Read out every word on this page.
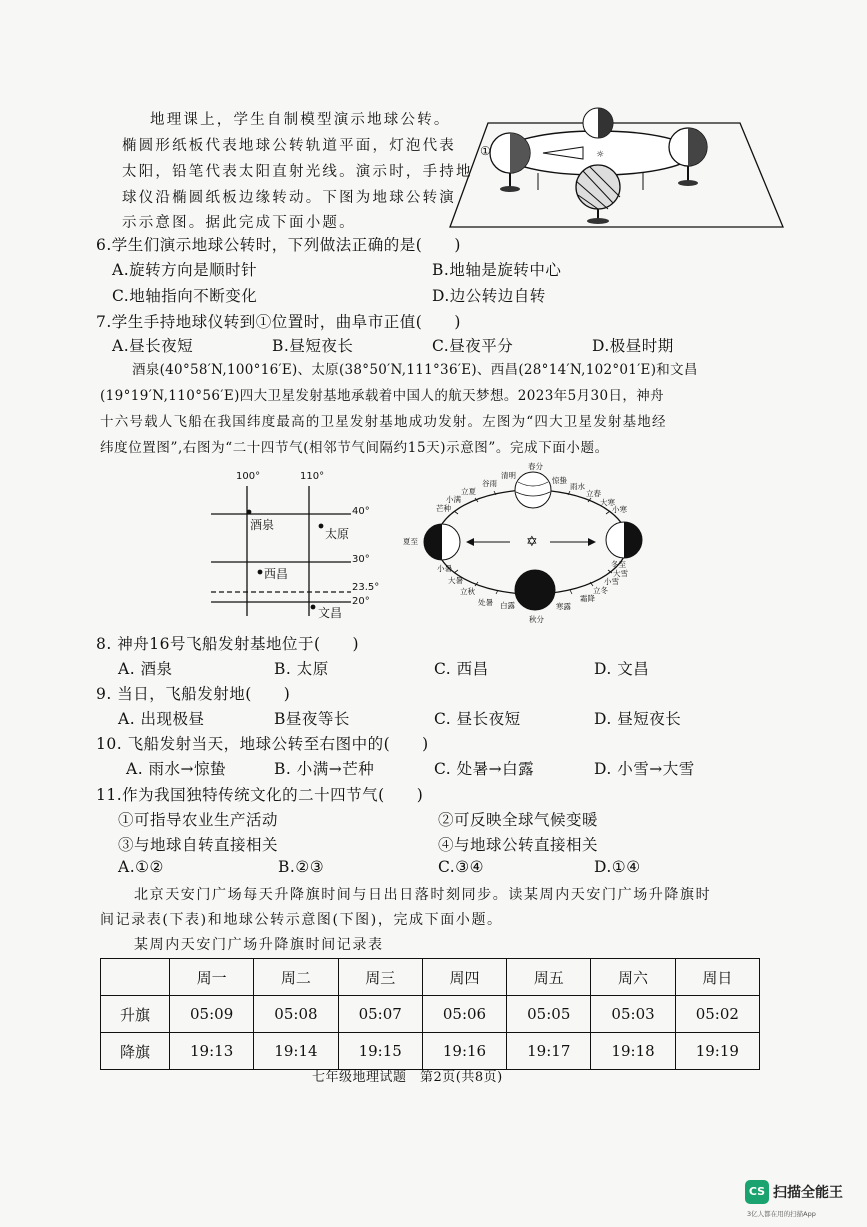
地理课上，学生自制模型演示地球公转。
椭圆形纸板代表地球公转轨道平面，灯泡代表
太阳，铅笔代表太阳直射光线。演示时，手持地
球仪沿椭圆纸板边缘转动。下图为地球公转演
示示意图。据此完成下面小题。
☼
①
6.学生们演示地球公转时，下列做法正确的是(　　)
A.旋转方向是顺时针	B.地轴是旋转中心
C.地轴指向不断变化	D.边公转边自转
7.学生手持地球仪转到①位置时，曲阜市正值(　　)
A.昼长夜短	B.昼短夜长	C.昼夜平分	D.极昼时期
酒泉(40°58′N,100°16′E)、太原(38°50′N,111°36′E)、西昌(28°14′N,102°01′E)和文昌
(19°19′N,110°56′E)四大卫星发射基地承载着中国人的航天梦想。2023年5月30日，神舟
十六号载人飞船在我国纬度最高的卫星发射基地成功发射。左图为“四大卫星发射基地经
纬度位置图”,右图为“二十四节气(相邻节气间隔约15天)示意图”。完成下面小题。
100°	110°
40°
30°
23.5°
20°
酒泉
太原
西昌
文昌
✡
清明
谷雨
立夏
小满
芒种
春分
惊蛰
雨水
立春
夏至
大寒
小寒
冬至
大雪
小雪
立冬
小暑
大暑
立秋
处暑 白露
秋分
寒露
霜降
8. 神舟16号飞船发射基地位于(　　)
A. 酒泉	B. 太原	C. 西昌	D. 文昌
9. 当日，飞船发射地(　　)
A. 出现极昼	B昼夜等长	C. 昼长夜短	D. 昼短夜长
10. 飞船发射当天，地球公转至右图中的(　　)
A. 雨水→惊蛰	B. 小满→芒种	C. 处暑→白露	D. 小雪→大雪
11.作为我国独特传统文化的二十四节气(　　)
①可指导农业生产活动	②可反映全球气候变暖
③与地球自转直接相关	④与地球公转直接相关
A.①②	B.②③	C.③④	D.①④
北京天安门广场每天升降旗时间与日出日落时刻同步。读某周内天安门广场升降旗时
间记录表(下表)和地球公转示意图(下图)，完成下面小题。
某周内天安门广场升降旗时间记录表
	周一	周二	周三	周四	周五	周六	周日
升旗	05:09	05:08	05:07	05:06	05:05	05:03	05:02
降旗	19:13	19:14	19:15	19:16	19:17	19:18	19:19
七年级地理试题　第2页(共8页)
CS 扫描全能王
3亿人都在用的扫描App
